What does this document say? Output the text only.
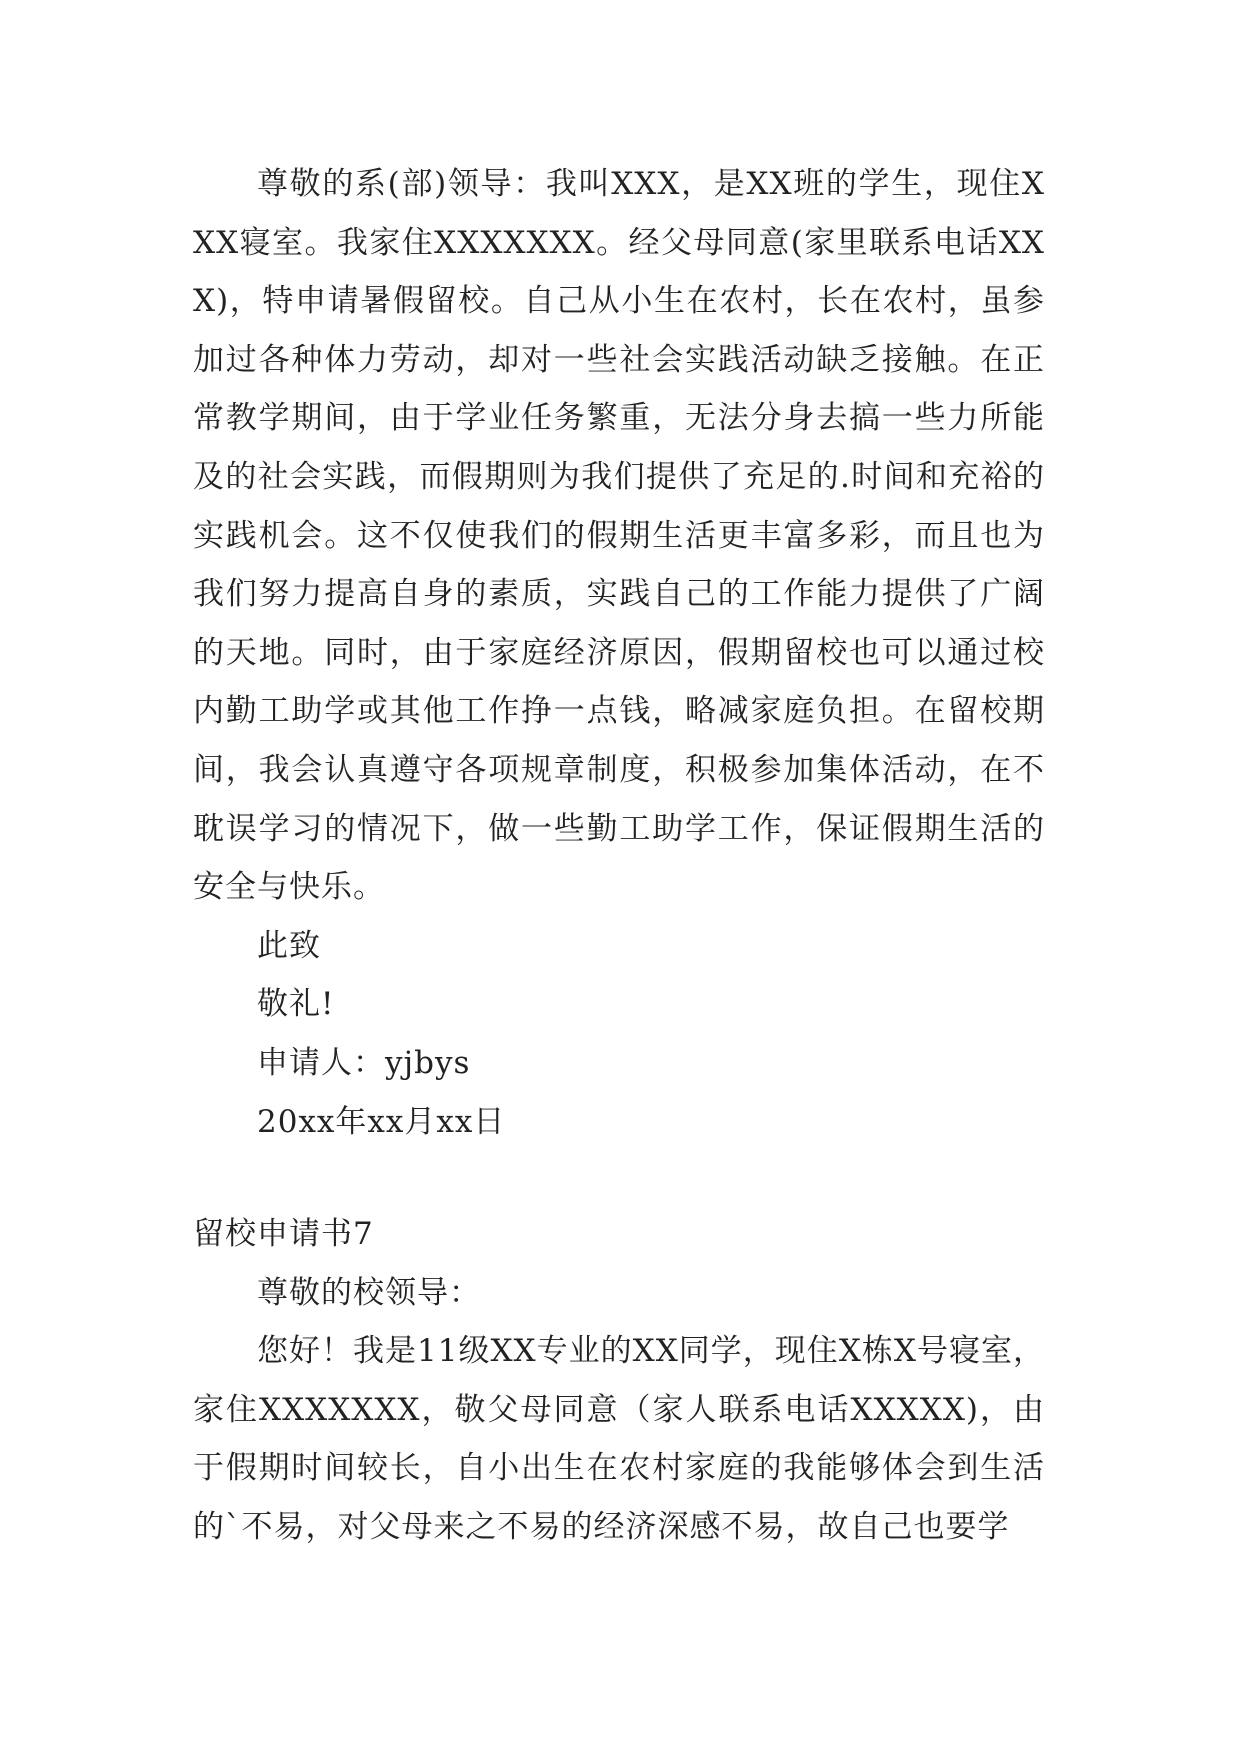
尊敬的系(部)领导：我叫XXX，是XX班的学生，现住XXX寝室。我家住XXXXXXX。经父母同意(家里联系电话XXX)，特申请暑假留校。自己从小生在农村，长在农村，虽参加过各种体力劳动，却对一些社会实践活动缺乏接触。在正常教学期间，由于学业任务繁重，无法分身去搞一些力所能及的社会实践，而假期则为我们提供了充足的.时间和充裕的实践机会。这不仅使我们的假期生活更丰富多彩，而且也为我们努力提高自身的素质，实践自己的工作能力提供了广阔的天地。同时，由于家庭经济原因，假期留校也可以通过校内勤工助学或其他工作挣一点钱，略减家庭负担。在留校期间，我会认真遵守各项规章制度，积极参加集体活动，在不耽误学习的情况下，做一些勤工助学工作，保证假期生活的安全与快乐。

此致

敬礼!

申请人：yjbys

20xx年xx月xx日

留校申请书7

尊敬的校领导：

您好！我是11级XX专业的XX同学，现住X栋X号寝室，家住XXXXXXX，敬父母同意（家人联系电话XXXXX)，由于假期时间较长，自小出生在农村家庭的我能够体会到生活的`不易，对父母来之不易的经济深感不易，故自己也要学
